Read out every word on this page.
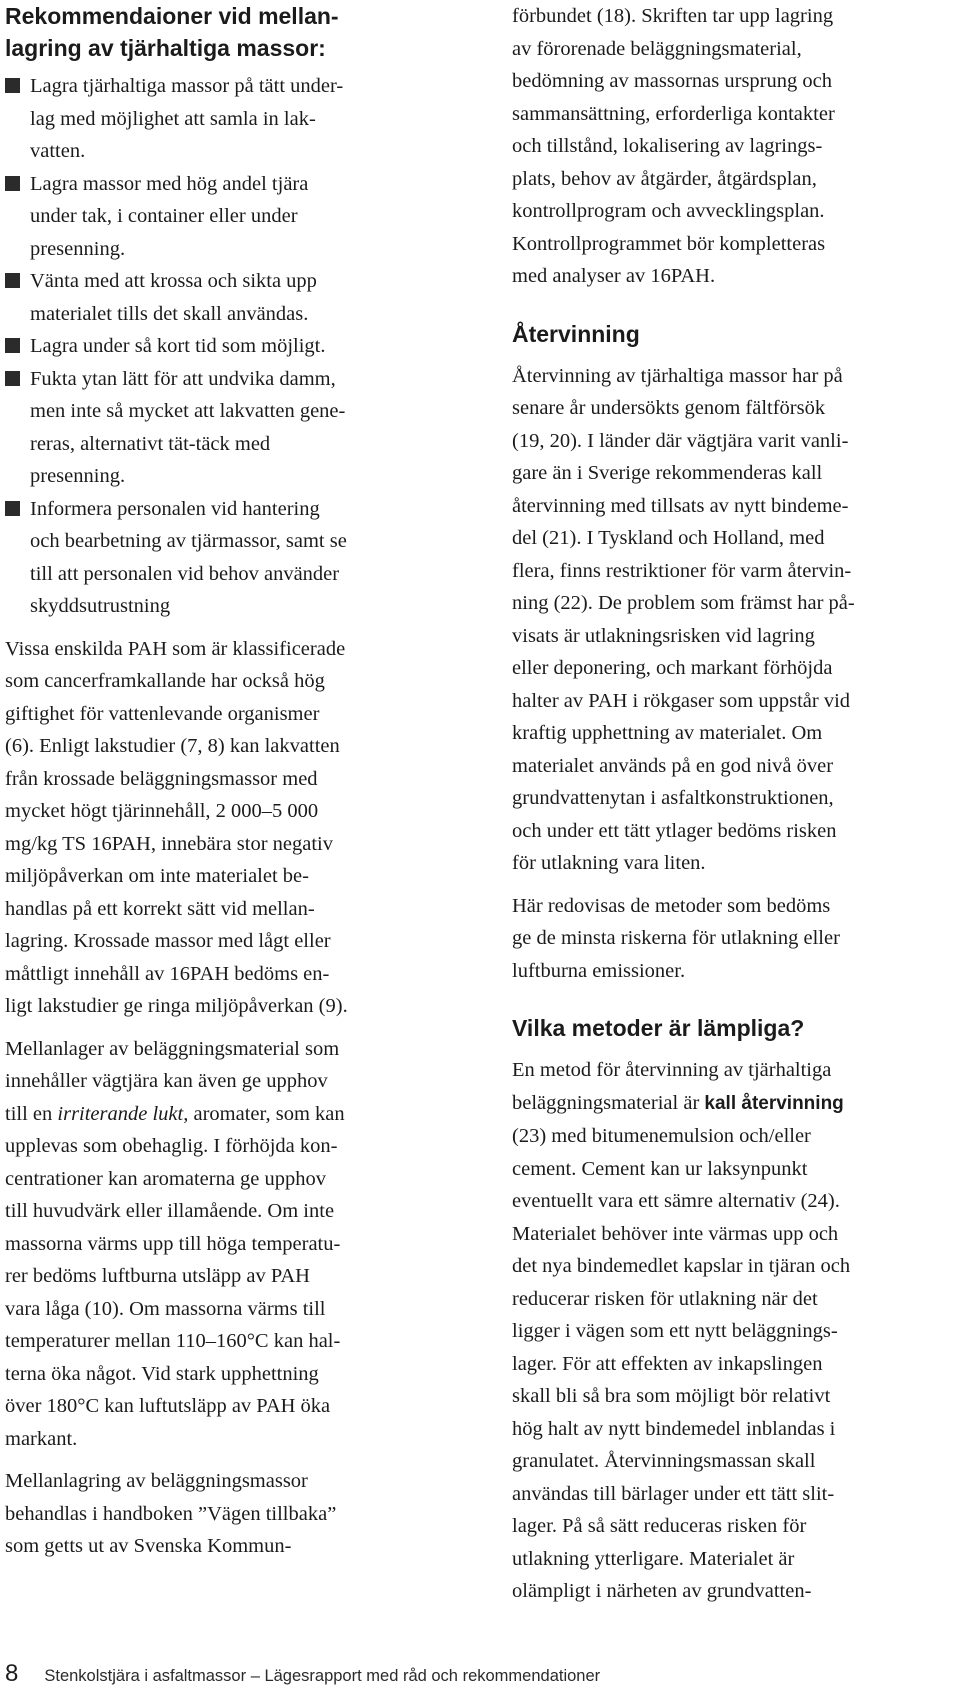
Rekommendaioner vid mellan-
lagring av tjärhaltiga massor:
Lagra tjärhaltiga massor på tätt under-
lag med möjlighet att samla in lak-
vatten.
Lagra massor med hög andel tjära
under tak, i container eller under
presenning.
Vänta med att krossa och sikta upp
materialet tills det skall användas.
Lagra under så kort tid som möjligt.
Fukta ytan lätt för att undvika damm,
men inte så mycket att lakvatten gene-
reras, alternativt tät-täck med
presenning.
Informera personalen vid hantering
och bearbetning av tjärmassor, samt se
till att personalen vid behov använder
skyddsutrustning

Vissa enskilda PAH som är klassificerade
som cancerframkallande har också hög
giftighet för vattenlevande organismer
(6). Enligt lakstudier (7, 8) kan lakvatten
från krossade beläggningsmassor med
mycket högt tjärinnehåll, 2 000–5 000
mg/kg TS 16PAH, innebära stor negativ
miljöpåverkan om inte materialet be-
handlas på ett korrekt sätt vid mellan-
lagring. Krossade massor med lågt eller
måttligt innehåll av 16PAH bedöms en-
ligt lakstudier ge ringa miljöpåverkan (9).

Mellanlager av beläggningsmaterial som
innehåller vägtjära kan även ge upphov
till en irriterande lukt, aromater, som kan
upplevas som obehaglig. I förhöjda kon-
centrationer kan aromaterna ge upphov
till huvudvärk eller illamående. Om inte
massorna värms upp till höga temperatu-
rer bedöms luftburna utsläpp av PAH
vara låga (10). Om massorna värms till
temperaturer mellan 110–160°C kan hal-
terna öka något. Vid stark upphettning
över 180°C kan luftutsläpp av PAH öka
markant.

Mellanlagring av beläggningsmassor
behandlas i handboken ”Vägen tillbaka”
som getts ut av Svenska Kommun-

förbundet (18). Skriften tar upp lagring
av förorenade beläggningsmaterial,
bedömning av massornas ursprung och
sammansättning, erforderliga kontakter
och tillstånd, lokalisering av lagrings-
plats, behov av åtgärder, åtgärdsplan,
kontrollprogram och avvecklingsplan.
Kontrollprogrammet bör kompletteras
med analyser av 16PAH.

Återvinning

Återvinning av tjärhaltiga massor har på
senare år undersökts genom fältförsök
(19, 20). I länder där vägtjära varit vanli-
gare än i Sverige rekommenderas kall
återvinning med tillsats av nytt bindeme-
del (21). I Tyskland och Holland, med
flera, finns restriktioner för varm återvin-
ning (22). De problem som främst har på-
visats är utlakningsrisken vid lagring
eller deponering, och markant förhöjda
halter av PAH i rökgaser som uppstår vid
kraftig upphettning av materialet. Om
materialet används på en god nivå över
grundvattenytan i asfaltkonstruktionen,
och under ett tätt ytlager bedöms risken
för utlakning vara liten.

Här redovisas de metoder som bedöms
ge de minsta riskerna för utlakning eller
luftburna emissioner.

Vilka metoder är lämpliga?

En metod för återvinning av tjärhaltiga
beläggningsmaterial är kall återvinning
(23) med bitumenemulsion och/eller
cement. Cement kan ur laksynpunkt
eventuellt vara ett sämre alternativ (24).
Materialet behöver inte värmas upp och
det nya bindemedlet kapslar in tjäran och
reducerar risken för utlakning när det
ligger i vägen som ett nytt beläggnings-
lager. För att effekten av inkapslingen
skall bli så bra som möjligt bör relativt
hög halt av nytt bindemedel inblandas i
granulatet. Återvinningsmassan skall
användas till bärlager under ett tätt slit-
lager. På så sätt reduceras risken för
utlakning ytterligare. Materialet är
olämpligt i närheten av grundvatten-

8 Stenkolstjära i asfaltmassor – Lägesrapport med råd och rekommendationer
